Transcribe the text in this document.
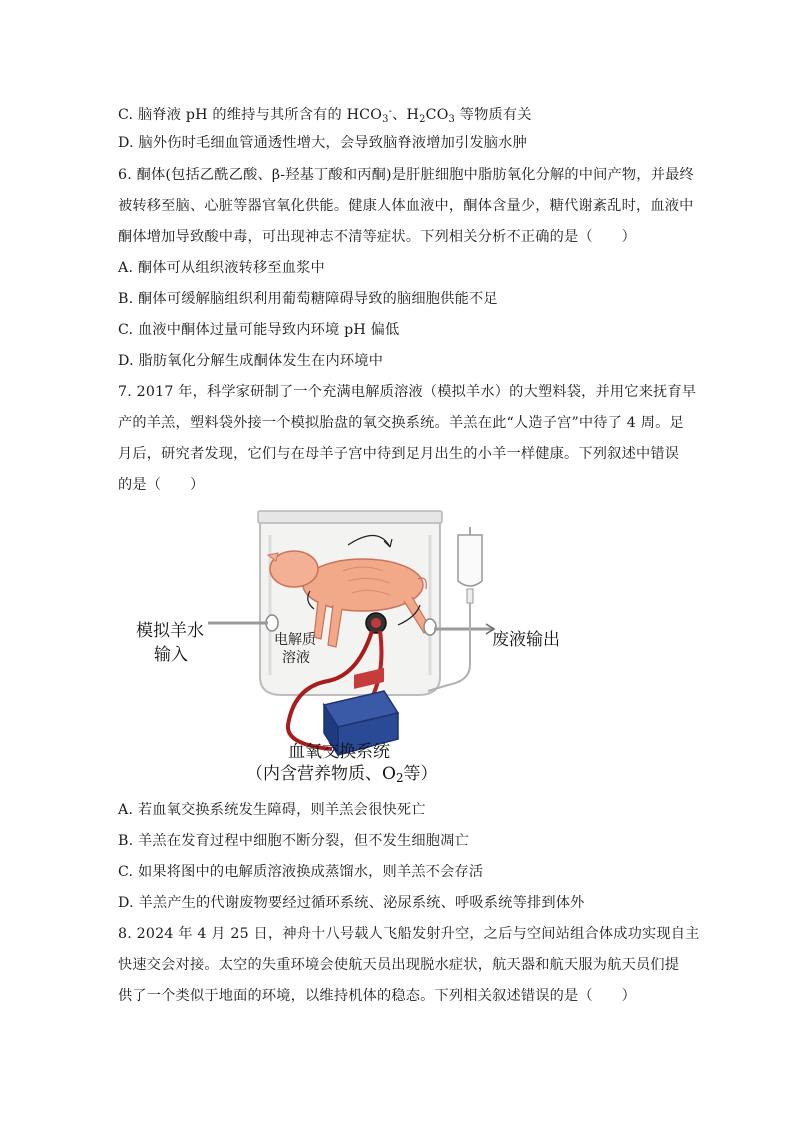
C. 脑脊液 pH 的维持与其所含有的 $HCO_3^-$、$H_2CO_3$ 等物质有关
D. 脑外伤时毛细血管通透性增大，会导致脑脊液增加引发脑水肿
6. 酮体(包括乙酰乙酸、β-羟基丁酸和丙酮)是肝脏细胞中脂肪氧化分解的中间产物，并最终
被转移至脑、心脏等器官氧化供能。健康人体血液中，酮体含量少，糖代谢紊乱时，血液中
酮体增加导致酸中毒，可出现神志不清等症状。下列相关分析不正确的是（　　）
A. 酮体可从组织液转移至血浆中
B. 酮体可缓解脑组织利用葡萄糖障碍导致的脑细胞供能不足
C. 血液中酮体过量可能导致内环境 pH 偏低
D. 脂肪氧化分解生成酮体发生在内环境中
7. 2017 年，科学家研制了一个充满电解质溶液（模拟羊水）的大塑料袋，并用它来抚育早
产的羊羔，塑料袋外接一个模拟胎盘的氧交换系统。羊羔在此“人造子宫”中待了 4 周。足
月后，研究者发现，它们与在母羊子宫中待到足月出生的小羊一样健康。下列叙述中错误
的是（　　）
模拟羊水
输入
电解质
溶液
废液输出
血氧交换系统
（内含营养物质、$O_2$等）
A. 若血氧交换系统发生障碍，则羊羔会很快死亡
B. 羊羔在发育过程中细胞不断分裂，但不发生细胞凋亡
C. 如果将图中的电解质溶液换成蒸馏水，则羊羔不会存活
D. 羊羔产生的代谢废物要经过循环系统、泌尿系统、呼吸系统等排到体外
8. 2024 年 4 月 25 日，神舟十八号载人飞船发射升空，之后与空间站组合体成功实现自主
快速交会对接。太空的失重环境会使航天员出现脱水症状，航天器和航天服为航天员们提
供了一个类似于地面的环境，以维持机体的稳态。下列相关叙述错误的是（　　）
